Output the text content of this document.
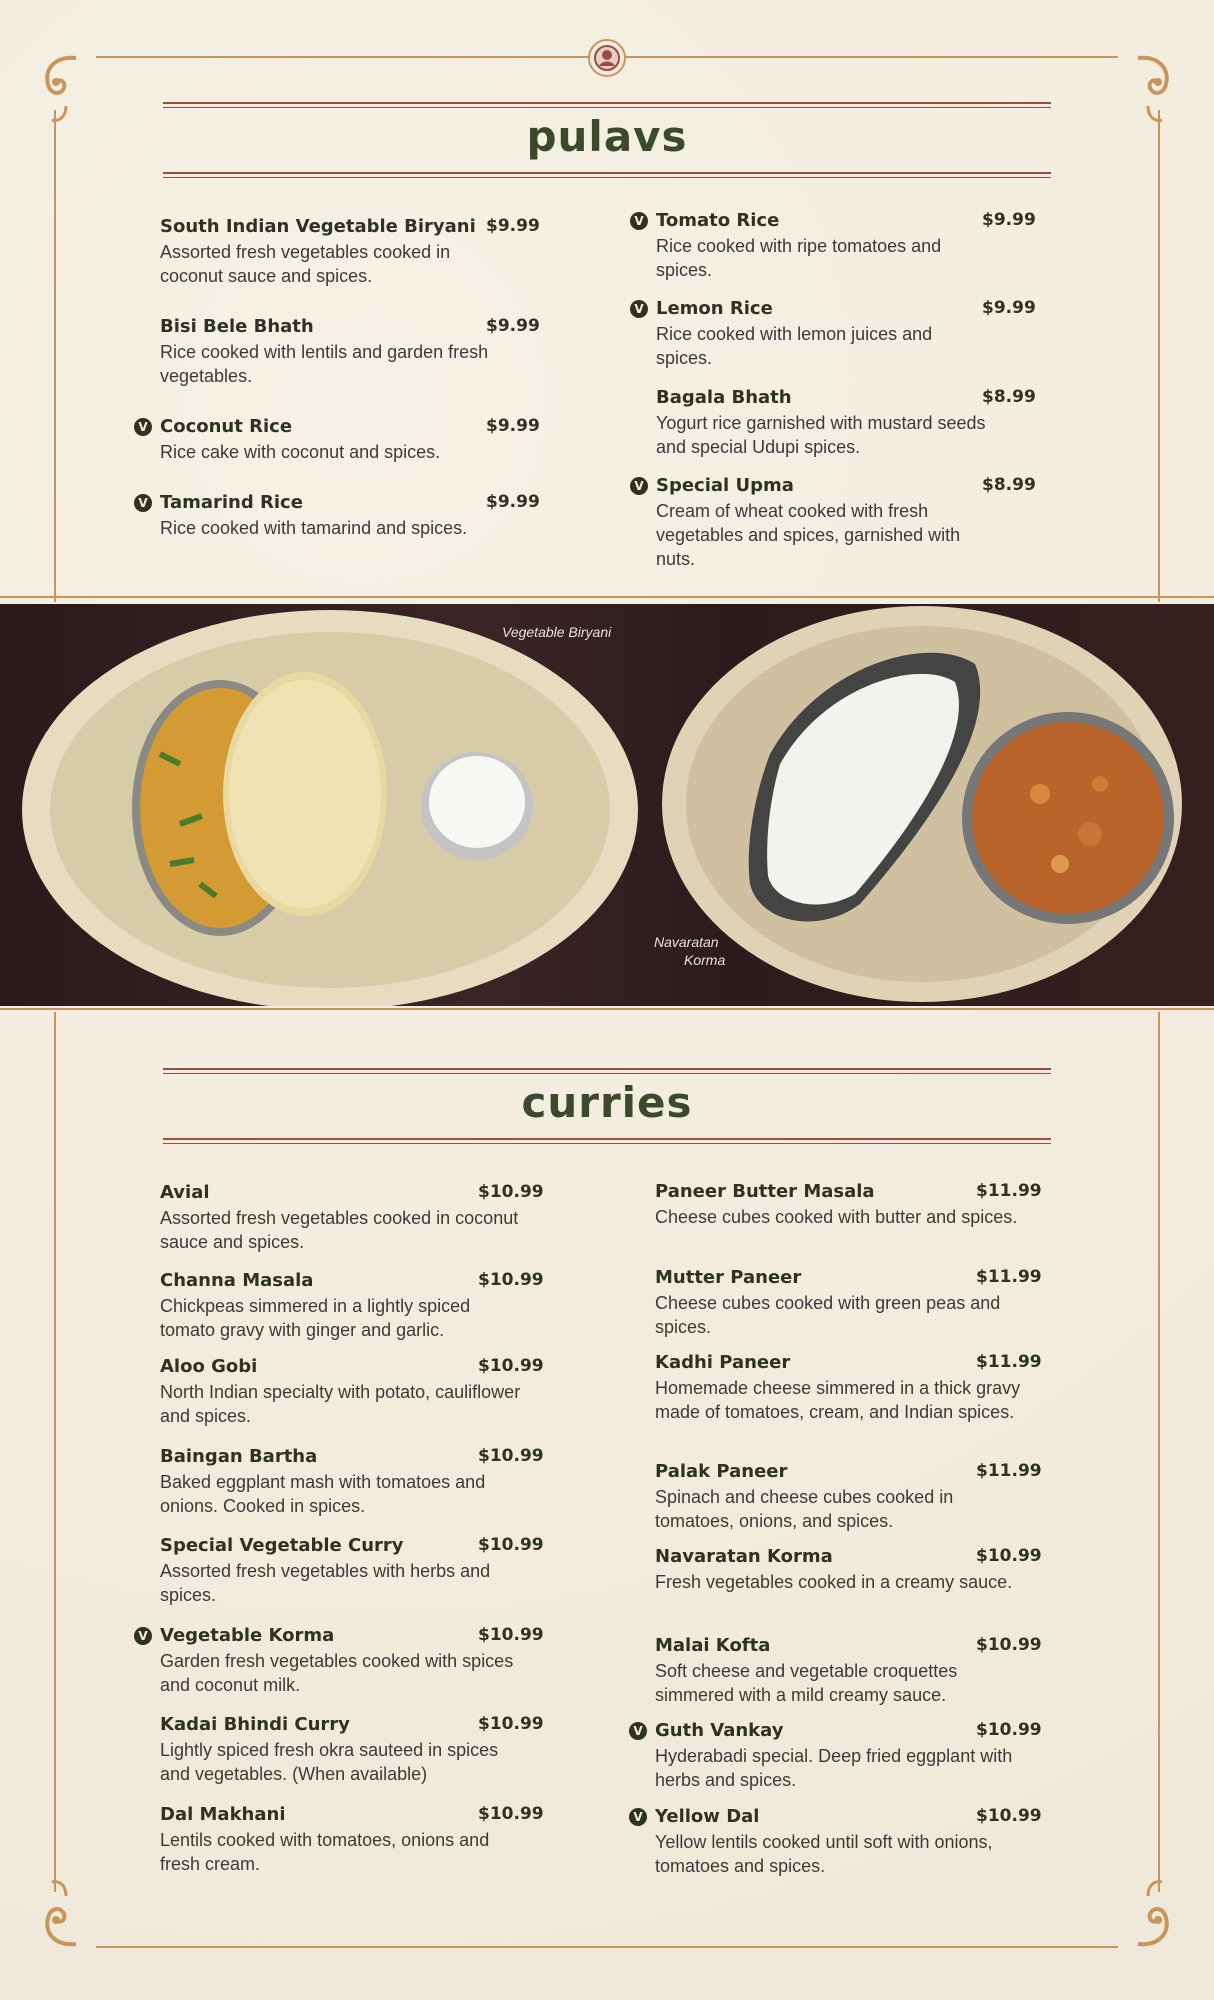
pulavs
South Indian Vegetable Biryani $9.99
Assorted fresh vegetables cooked in coconut sauce and spices.
Bisi Bele Bhath	$9.99
Rice cooked with lentils and garden fresh vegetables.
Coconut Rice	$9.99
Rice cake with coconut and spices.
V
Tamarind Rice	$9.99
Rice cooked with tamarind and spices.
V
Tomato Rice	$9.99
Rice cooked with ripe tomatoes and spices.
V
Lemon Rice	$9.99
Rice cooked with lemon juices and spices.
V
Bagala Bhath	$8.99
Yogurt rice garnished with mustard seeds and special Udupi spices.
Special Upma	$8.99
Cream of wheat cooked with fresh vegetables and spices, garnished with nuts.
V
Vegetable Biryani
Navaratan
Korma
curries
Avial	$10.99
Assorted fresh vegetables cooked in coconut sauce and spices.
Channa Masala	$10.99
Chickpeas simmered in a lightly spiced tomato gravy with ginger and garlic.
Aloo Gobi	$10.99
North Indian specialty with potato, cauliflower and spices.
Baingan Bartha	$10.99
Baked eggplant mash with tomatoes and onions. Cooked in spices.
Special Vegetable Curry	$10.99
Assorted fresh vegetables with herbs and spices.
Vegetable Korma	$10.99
Garden fresh vegetables cooked with spices and coconut milk.
V
Kadai Bhindi Curry	$10.99
Lightly spiced fresh okra sauteed in spices and vegetables. (When available)
Dal Makhani	$10.99
Lentils cooked with tomatoes, onions and fresh cream.
Paneer Butter Masala	$11.99
Cheese cubes cooked with butter and spices.
Mutter Paneer	$11.99
Cheese cubes cooked with green peas and spices.
Kadhi Paneer	$11.99
Homemade cheese simmered in a thick gravy made of tomatoes, cream, and Indian spices.
Palak Paneer	$11.99
Spinach and cheese cubes cooked in tomatoes, onions, and spices.
Navaratan Korma	$10.99
Fresh vegetables cooked in a creamy sauce.
Malai Kofta	$10.99
Soft cheese and vegetable croquettes simmered with a mild creamy sauce.
Guth Vankay	$10.99
Hyderabadi special. Deep fried eggplant with herbs and spices.
V
Yellow Dal	$10.99
Yellow lentils cooked until soft with onions, tomatoes and spices.
V
